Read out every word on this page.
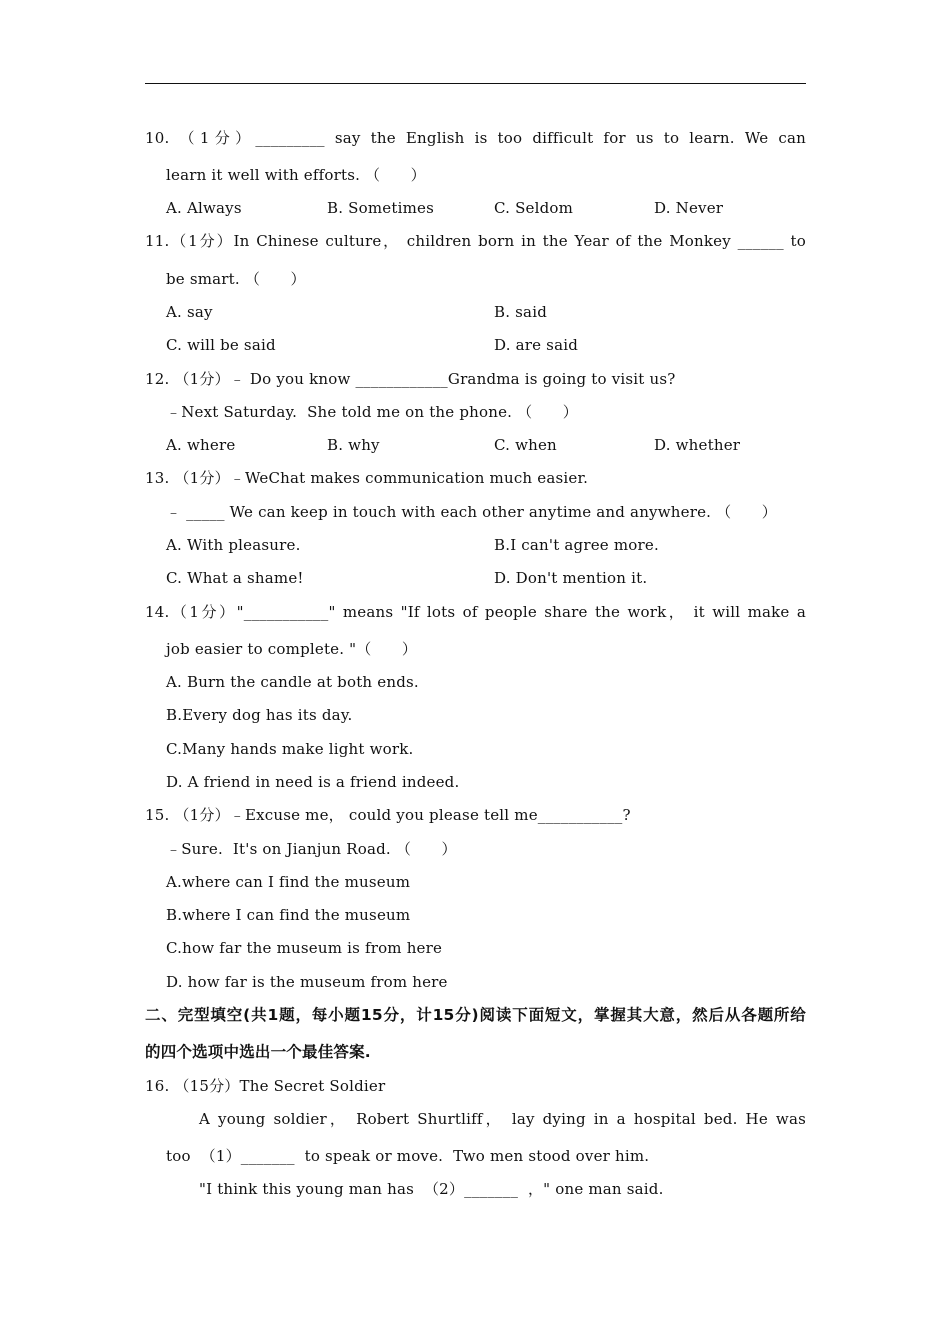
10. （1分）_________ say the English is too difficult for us to learn. We can
learn it well with efforts. （　　）
A. Always	B. Sometimes	C. Seldom	D. Never
11.（1分）In Chinese culture， children born in the Year of the Monkey ______ to
be smart. （　　）
A. say	B. said
C. will be said	D. are said
12. （1分）﹣ Do you know ____________Grandma is going to visit us?
﹣Next Saturday.  She told me on the phone. （　　）
A. where	B. why	C. when	D. whether
13. （1分）﹣WeChat makes communication much easier.
﹣ _____ We can keep in touch with each other anytime and anywhere. （　　）
A. With pleasure.	B.I can't agree more.
C. What a shame!	D. Don't mention it.
14.（1分）"___________" means "If lots of people share the work， it will make a
job easier to complete. "（　　）
A. Burn the candle at both ends.
B.Every dog has its day.
C.Many hands make light work.
D. A friend in need is a friend indeed.
15. （1分）﹣Excuse me， could you please tell me___________?
﹣Sure.  It's on Jianjun Road. （　　）
A.where can I find the museum
B.where I can find the museum
C.how far the museum is from here
D. how far is the museum from here
二、完型填空(共1题，每小题15分，计15分)阅读下面短文，掌握其大意，然后从各题所给
的四个选项中选出一个最佳答案.
16. （15分）The Secret Soldier
A young soldier， Robert Shurtliff， lay dying in a hospital bed. He was
too  （1）_______  to speak or move.  Two men stood over him.
"I think this young man has  （2）_______  ，" one man said.
